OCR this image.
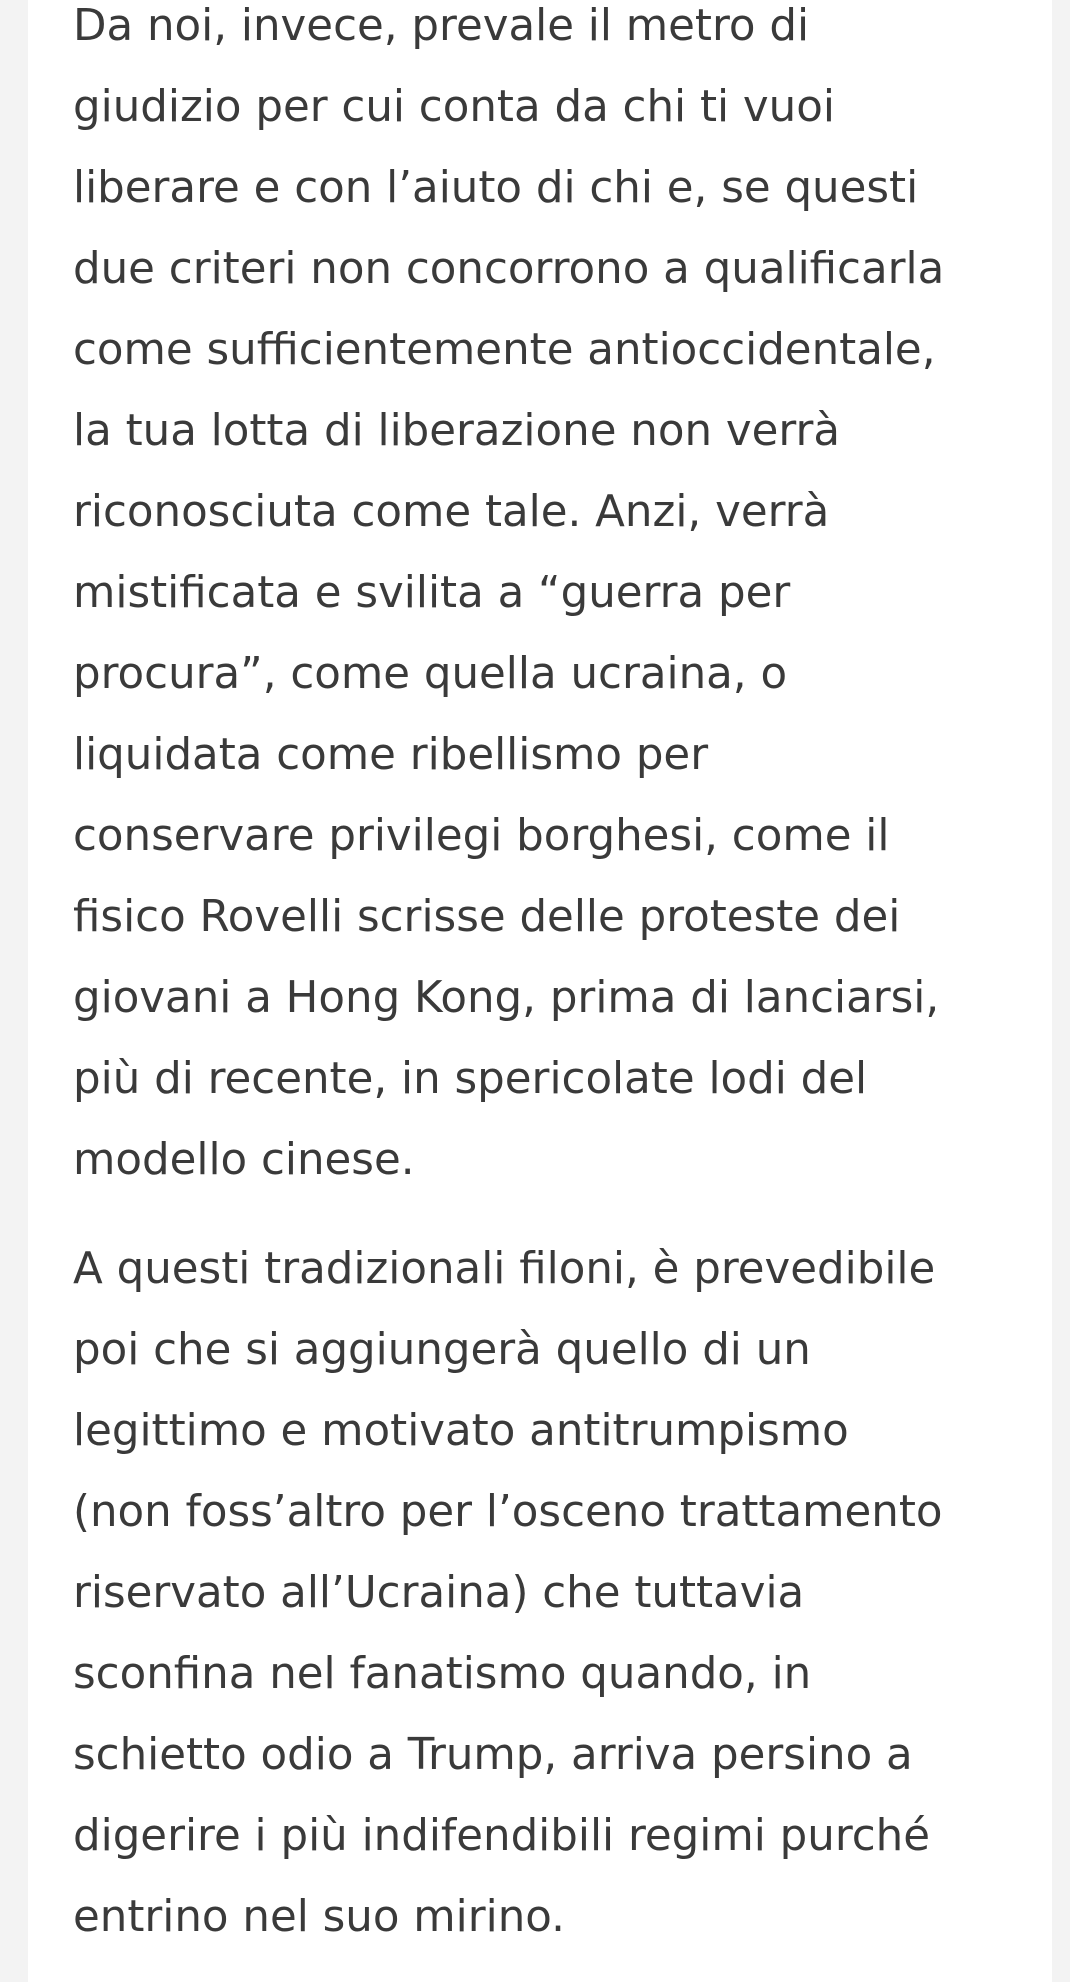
Da noi, invece, prevale il metro di
giudizio per cui conta da chi ti vuoi
liberare e con l’aiuto di chi e, se questi
due criteri non concorrono a qualificarla
come sufficientemente antioccidentale,
la tua lotta di liberazione non verrà
riconosciuta come tale. Anzi, verrà
mistificata e svilita a “guerra per
procura”, come quella ucraina, o
liquidata come ribellismo per
conservare privilegi borghesi, come il
fisico Rovelli scrisse delle proteste dei
giovani a Hong Kong, prima di lanciarsi,
più di recente, in spericolate lodi del
modello cinese.

A questi tradizionali filoni, è prevedibile
poi che si aggiungerà quello di un
legittimo e motivato antitrumpismo
(non foss’altro per l’osceno trattamento
riservato all’Ucraina) che tuttavia
sconfina nel fanatismo quando, in
schietto odio a Trump, arriva persino a
digerire i più indifendibili regimi purché
entrino nel suo mirino.
